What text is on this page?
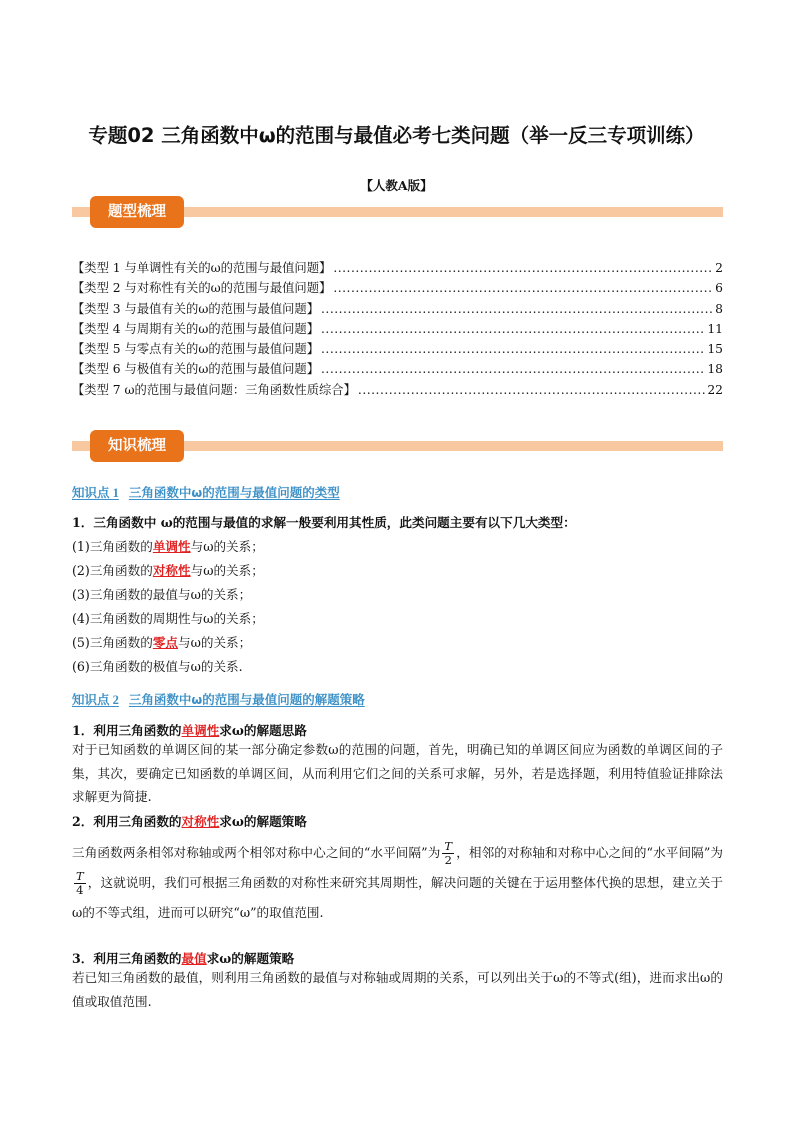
专题02 三角函数中ω的范围与最值必考七类问题（举一反三专项训练）
【人教A版】
题型梳理
【类型 1 与单调性有关的ω的范围与最值问题】 .....	2
【类型 2 与对称性有关的ω的范围与最值问题】 .....	6
【类型 3 与最值有关的ω的范围与最值问题】 .....	8
【类型 4 与周期有关的ω的范围与最值问题】 .....	11
【类型 5 与零点有关的ω的范围与最值问题】 .....	15
【类型 6 与极值有关的ω的范围与最值问题】 .....	18
【类型 7 ω的范围与最值问题：三角函数性质综合】 .....	22
知识梳理
知识点 1 三角函数中ω的范围与最值问题的类型
1．三角函数中 ω的范围与最值的求解一般要利用其性质，此类问题主要有以下几大类型：
(1)三角函数的单调性与ω的关系；
(2)三角函数的对称性与ω的关系；
(3)三角函数的最值与ω的关系；
(4)三角函数的周期性与ω的关系；
(5)三角函数的零点与ω的关系；
(6)三角函数的极值与ω的关系.
知识点 2 三角函数中ω的范围与最值问题的解题策略
1．利用三角函数的单调性求ω的解题思路
对于已知函数的单调区间的某一部分确定参数ω的范围的问题，首先，明确已知的单调区间应为函数的单调区间的子集，其次，要确定已知函数的单调区间，从而利用它们之间的关系可求解，另外，若是选择题，利用特值验证排除法求解更为简捷.
2．利用三角函数的对称性求ω的解题策略
三角函数两条相邻对称轴或两个相邻对称中心之间的“水平间隔”为 $\frac{T}{2}$ ，相邻的对称轴和对称中心之间的“水平间隔”为
$\frac{T}{4}$ ，这就说明，我们可根据三角函数的对称性来研究其周期性，解决问题的关键在于运用整体代换的思想，建立关于ω的不等式组，进而可以研究“ω”的取值范围.
3．利用三角函数的最值求ω的解题策略
若已知三角函数的最值，则利用三角函数的最值与对称轴或周期的关系，可以列出关于ω的不等式(组)，进而求出ω的值或取值范围.
